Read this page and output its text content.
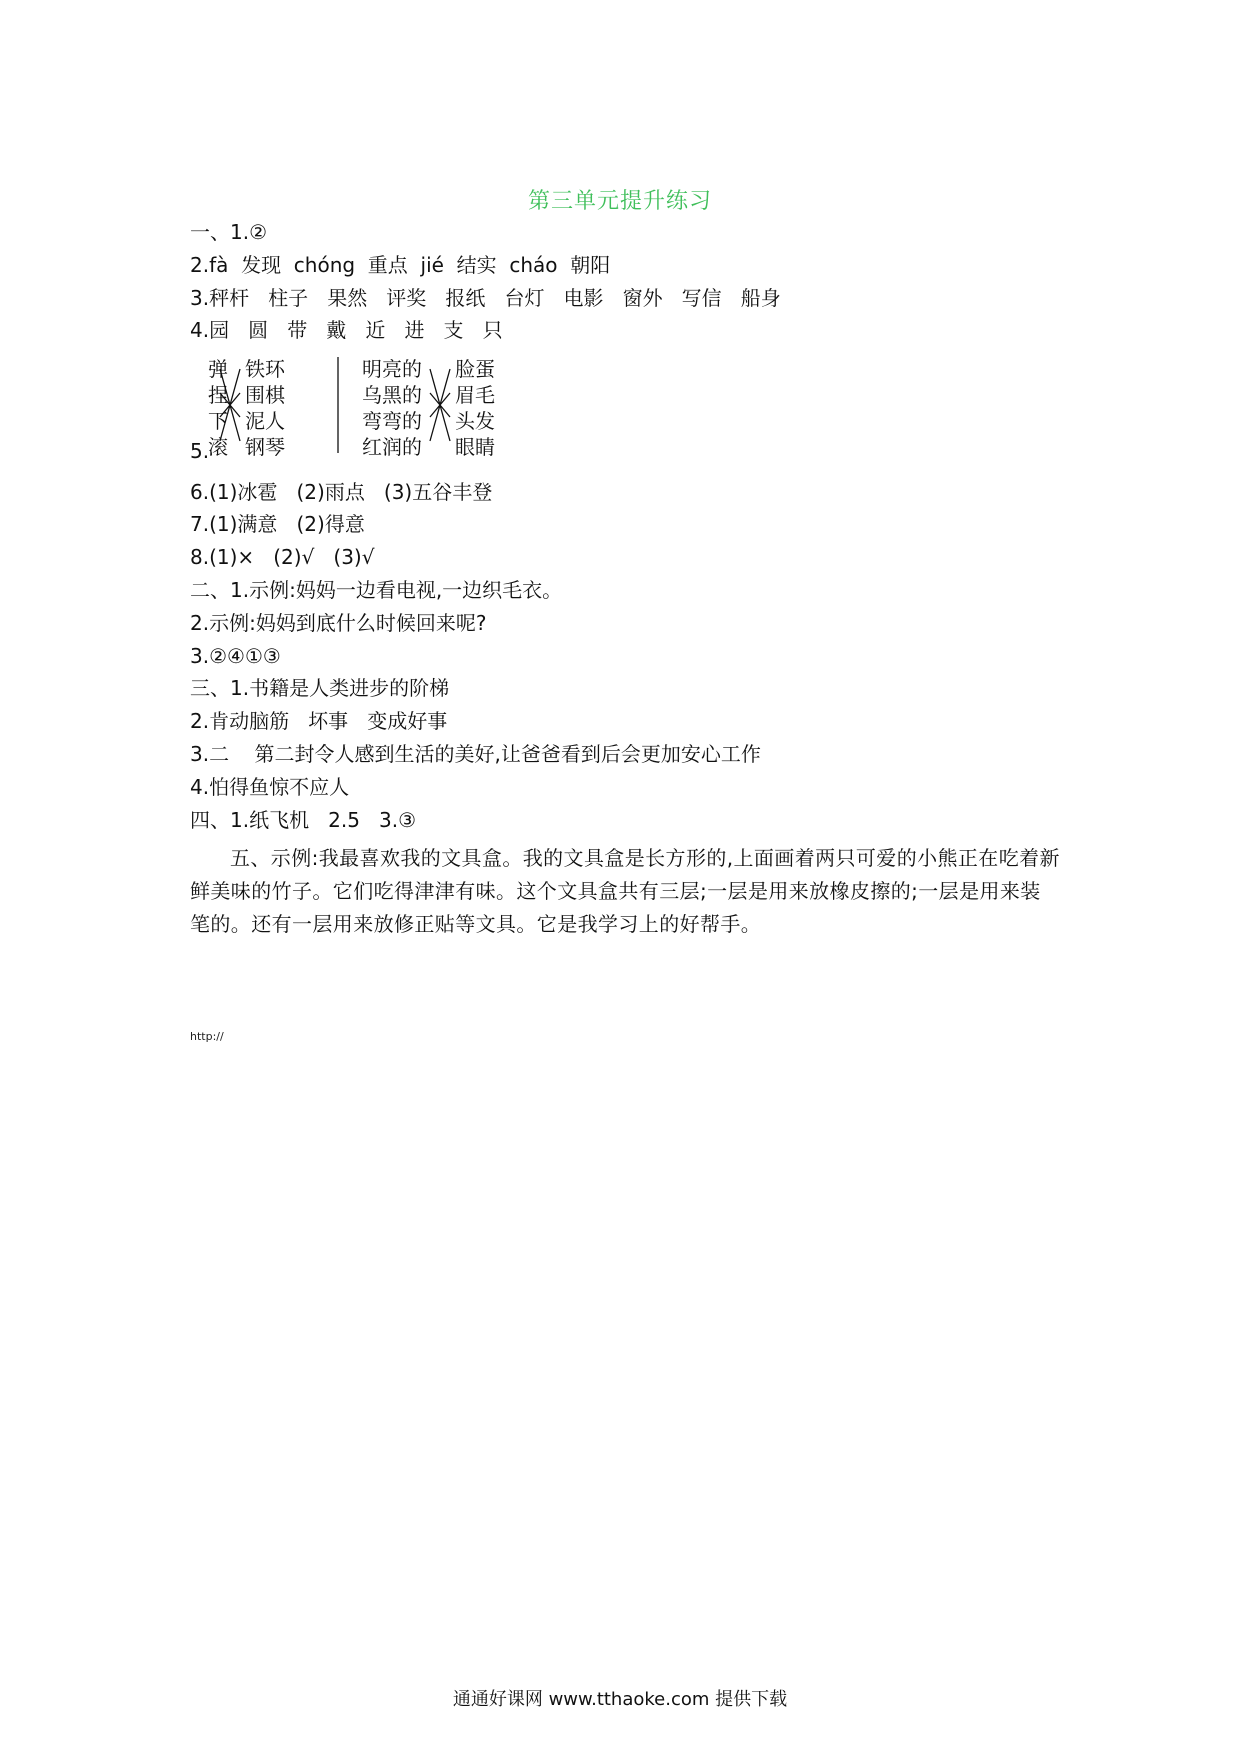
第三单元提升练习
一、1.②
2.fà  发现  chóng  重点  jié  结实  cháo  朝阳
3.秤杆   柱子   果然   评奖   报纸   台灯   电影   窗外   写信   船身
4.园   圆   带   戴   近   进   支   只
5.
弹
捏
下
滚
铁环
围棋
泥人
钢琴
明亮的
乌黑的
弯弯的
红润的
脸蛋
眉毛
头发
眼睛
6.(1)冰雹   (2)雨点   (3)五谷丰登
7.(1)满意   (2)得意
8.(1)×   (2)√   (3)√
二、1.示例:妈妈一边看电视,一边织毛衣。
2.示例:妈妈到底什么时候回来呢?
3.②④①③
三、1.书籍是人类进步的阶梯
2.肯动脑筋   坏事   变成好事
3.二    第二封令人感到生活的美好,让爸爸看到后会更加安心工作
4.怕得鱼惊不应人
四、1.纸飞机   2.5   3.③
五、示例:我最喜欢我的文具盒。我的文具盒是长方形的,上面画着两只可爱的小熊正在吃着新鲜美味的竹子。它们吃得津津有味。这个文具盒共有三层;一层是用来放橡皮擦的;一层是用来装笔的。还有一层用来放修正贴等文具。它是我学习上的好帮手。
http://
通通好课网 www.tthaoke.com 提供下载
